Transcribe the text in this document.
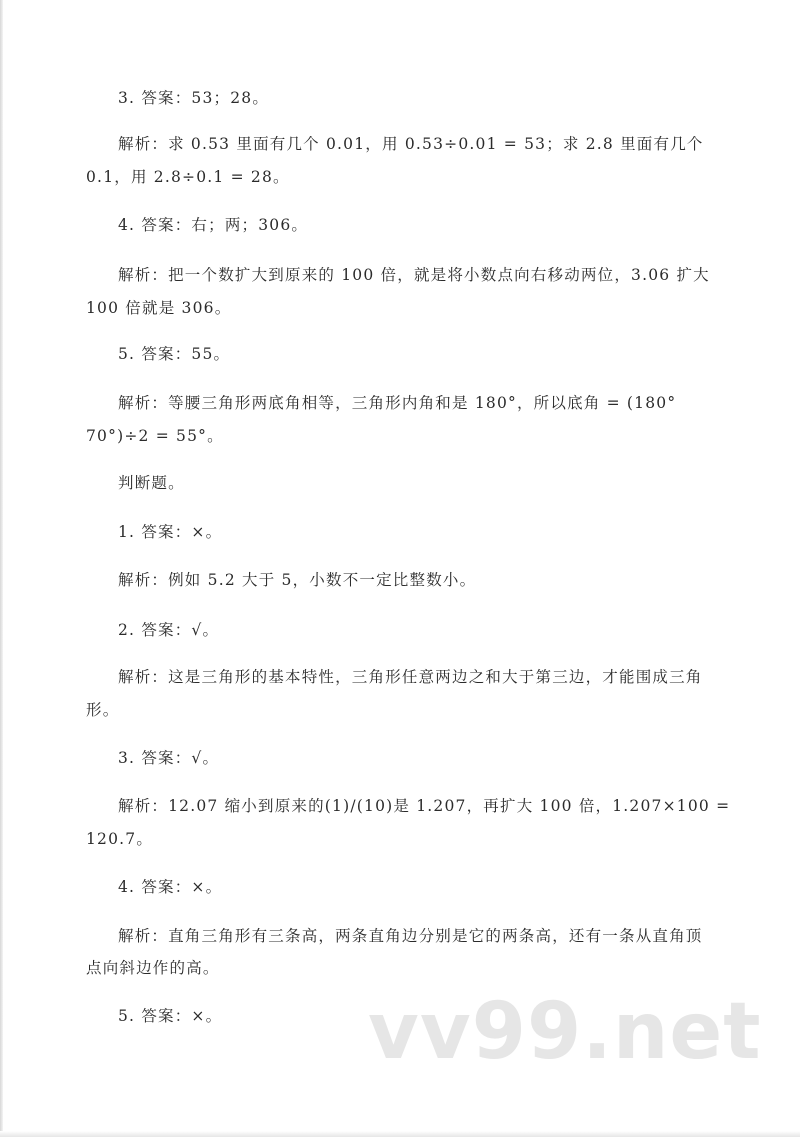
3. 答案：53；28。

解析：求 0.53 里面有几个 0.01，用 0.53÷0.01 = 53；求 2.8 里面有几个

0.1，用 2.8÷0.1 = 28。

4. 答案：右；两；306。

解析：把一个数扩大到原来的 100 倍，就是将小数点向右移动两位，3.06 扩大

100 倍就是 306。

5. 答案：55。

解析：等腰三角形两底角相等，三角形内角和是 180°，所以底角 = (180°

70°)÷2 = 55°。

判断题。

1. 答案：×。

解析：例如 5.2 大于 5，小数不一定比整数小。

2. 答案：√。

解析：这是三角形的基本特性，三角形任意两边之和大于第三边，才能围成三角

形。

3. 答案：√。

解析：12.07 缩小到原来的(1)/(10)是 1.207，再扩大 100 倍，1.207×100 =

120.7。

4. 答案：×。

解析：直角三角形有三条高，两条直角边分别是它的两条高，还有一条从直角顶

点向斜边作的高。

5. 答案：×。 vv99.net
